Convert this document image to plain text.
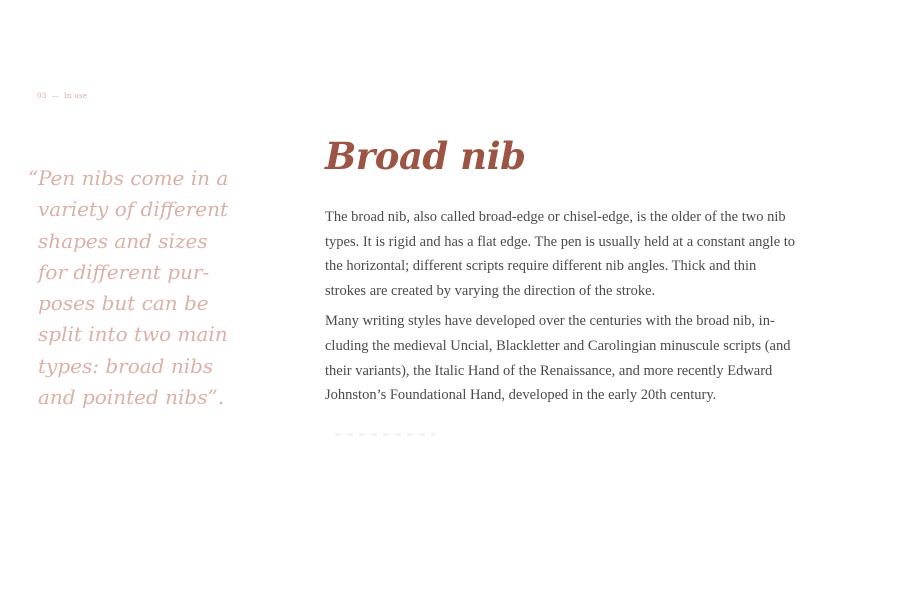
03 — In use
“ Pen nibs come in a
variety of different
shapes and sizes
for different pur-
poses but can be
split into two main
types: broad nibs
and pointed nibs”.
Broad nib

The broad nib, also called broad-edge or chisel-edge, is the older of the two nib
types. It is rigid and has a flat edge. The pen is usually held at a constant angle to
the horizontal; different scripts require different nib angles. Thick and thin
strokes are created by varying the direction of the stroke.

Many writing styles have developed over the centuries with the broad nib, in-
cluding the medieval Uncial, Blackletter and Carolingian minuscule scripts (and
their variants), the Italic Hand of the Renaissance, and more recently Edward
Johnston’s Foundational Hand, developed in the early 20th century.
